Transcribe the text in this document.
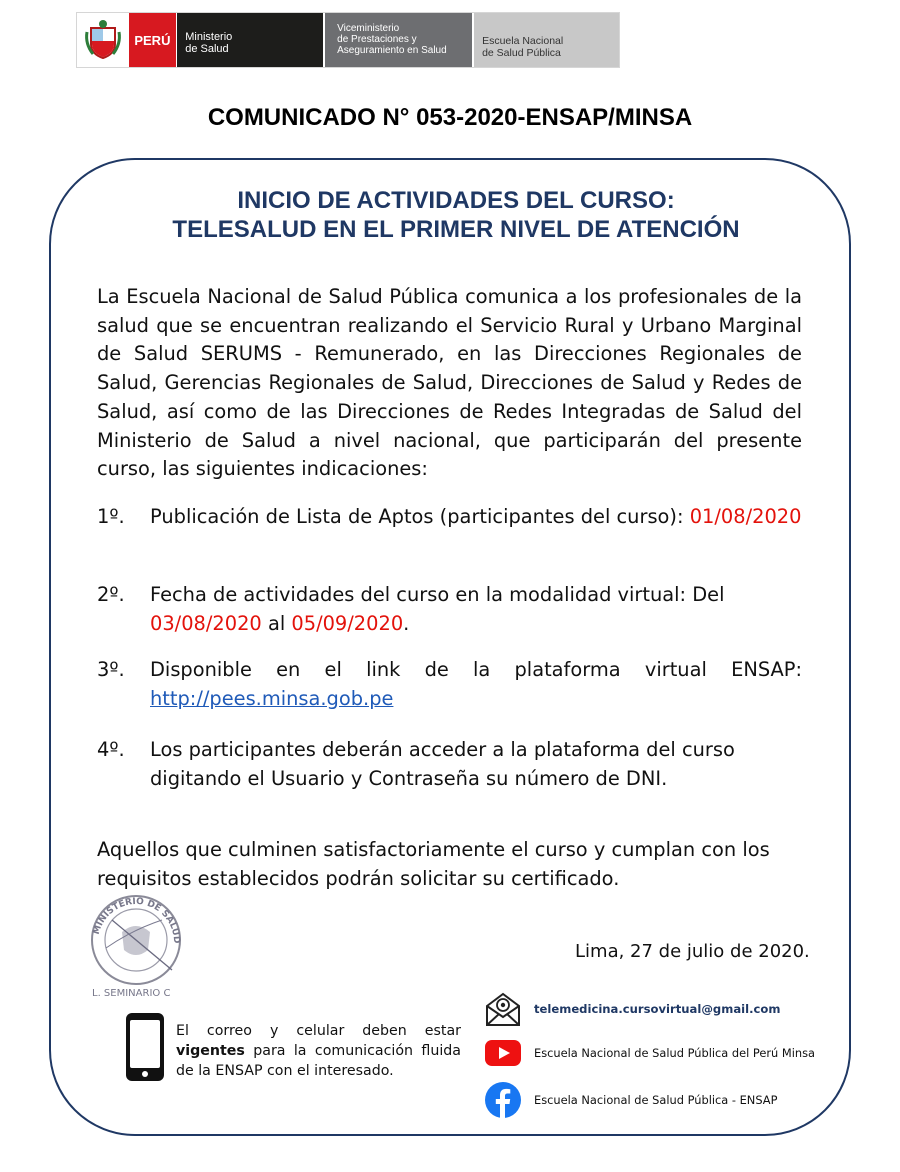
PERÚ	Ministerio
de Salud
Viceministerio
de Prestaciones y
Aseguramiento en Salud
Escuela Nacional
de Salud Pública
COMUNICADO N° 053-2020-ENSAP/MINSA
INICIO DE ACTIVIDADES DEL CURSO:
TELESALUD EN EL PRIMER NIVEL DE ATENCIÓN
La Escuela Nacional de Salud Pública comunica a los profesionales de la salud que se encuentran realizando el Servicio Rural y Urbano Marginal de Salud SERUMS - Remunerado, en las Direcciones Regionales de Salud, Gerencias Regionales de Salud, Direcciones de Salud y Redes de Salud, así como de las Direcciones de Redes Integradas de Salud del Ministerio de Salud a nivel nacional, que participarán del presente curso, las siguientes indicaciones:
1º. Publicación de Lista de Aptos (participantes del curso): 01/08/2020
2º. Fecha de actividades del curso en la modalidad virtual: Del
03/08/2020 al 05/09/2020.
3º. Disponible en el link de la plataforma virtual ENSAP: http://pees.minsa.gob.pe
4º. Los participantes deberán acceder a la plataforma del curso digitando el Usuario y Contraseña su número de DNI.
Aquellos que culminen satisfactoriamente el curso y cumplan con los requisitos establecidos podrán solicitar su certificado.
MINISTERIO DE SALUD
L. SEMINARIO C
Lima, 27 de julio de 2020.
El correo y celular deben estar vigentes para la comunicación fluida de la ENSAP con el interesado.
telemedicina.cursovirtual@gmail.com
Escuela Nacional de Salud Pública del Perú Minsa
Escuela Nacional de Salud Pública - ENSAP
